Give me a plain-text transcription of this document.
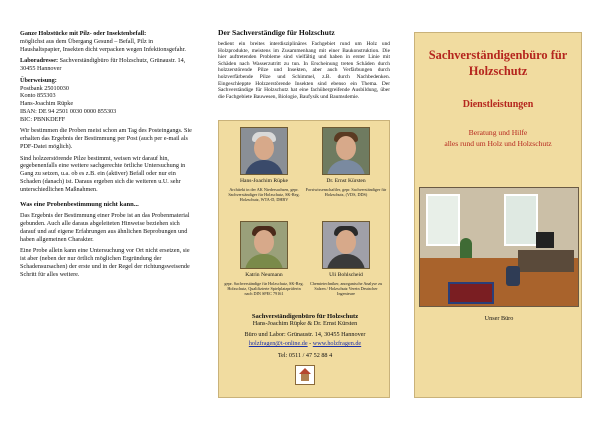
Ganze Holzstücke mit Pilz- oder Insektenbefall:
möglichst aus dem Übergang Gesund – Befall, Pilz in Haushaltspapier, Insekten dicht verpacken wegen Infektionsgefahr.

Laboradresse: Sachverständigbüro für Holzschutz, Grünaustr. 14, 30455 Hannover

Überweisung:
Postbank 25010030
Konto 855303
Hans-Joachim Rüpke
IBAN: DE 94 2501 0030 0000 855303
BIC: PBNKDEFF

Wir bestimmen die Proben meist schon am Tag des Posteingangs. Sie erhalten das Ergebnis der Bestimmung per Post (auch per e-mail als PDF-Datei möglich).

Sind holzzerstörende Pilze bestimmt, weisen wir darauf hin, gegebenenfalls eine weitere sachgerechte örtliche Untersuchung in Gang zu setzen, u.a. ob es z.B. ein (aktiver) Befall oder nur ein Schaden (danach) ist. Daraus ergeben sich die weiteren u.U. sehr unterschiedlichen Maßnahmen.

Was eine Probenbestimmung nicht kann...

Das Ergebnis der Bestimmung einer Probe ist an das Probenmaterial gebunden. Auch alle daraus abgeleiteten Hinweise beziehen sich darauf und auf eigene Erfahrungen aus ähnlichen Beprobungen und haben allgemeinen Charakter.

Eine Probe allein kann eine Untersuchung vor Ort nicht ersetzen, sie ist aber (neben der nur örtlich möglichen Ergründung der Schadensursachen) der erste und in der Regel der richtungsweisende Schritt für alles weitere.

Der Sachverständige für Holzschutz
bedient ein breites interdisziplinäres Fachgebiet rund um Holz und Holzprodukte, meistens im Zusammenhang mit einer Baukonstruktion. Die hier auftretenden Probleme sind vielfältig und haben in erster Linie mit Schäden nach Wasserzutritt zu tun. In Erscheinung treten Schäden durch holzzerstörende Pilze und Insekten, aber auch Verfärbungen durch holzverfärbende Pilze und Schimmel, z.B. durch Nachbedenken. Eingeschleppte Holzzerstörende Insekten sind ebenso ein Thema. Der Sachverständige für Holzschutz hat eine fachübergreifende Ausbildung, über die Fachgebiete Bauwesen, Biologie, Baufysik und Baumsdemie.
Hans-Joachim Rüpke
Architekt in der AK Niedersachsen, gepr. Sachverständiger für Holzschutz, SK-Reg. Holzschutz, WTA-D, DHBV
Dr. Ernst Kürsten
Forstwissenschaftler, gepr. Sachverständiger für Holzschutz, (VDS, DDS)
Katrin Neumann
gepr. Sachverständige für Holzschutz, SK-Reg. Holzschutz, Qualifizierte Spielplatzprüferin nach DIN SPEC 79161
Uli Bohlscheid
Chemietechniker, anorganische Analyse zu Salzen / Holzschutz Verein Deutscher Ingenieure
Sachverständigenbüro für Holzschutz
Hans-Joachim Rüpke & Dr. Ernst Kürsten
Büro und Labor: Grünaustr. 14, 30455 Hannover
holzfragen@t-online.de - www.holzfragen.de
Tel: 0511 / 47 52 88 4
Sachverständigenbüro für Holzschutz
Dienstleistungen
Beratung und Hilfe
alles rund um Holz und Holzschutz
Unser Büro
